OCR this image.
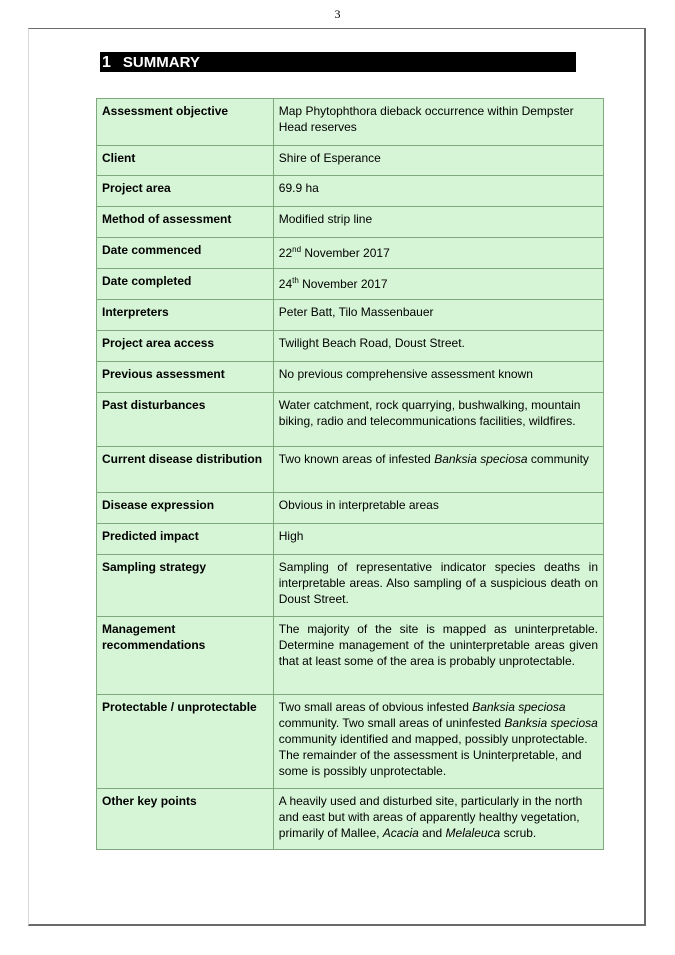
3
1 SUMMARY
Assessment objective	Map Phytophthora dieback occurrence within Dempster Head reserves
Client	Shire of Esperance
Project area	69.9 ha
Method of assessment	Modified strip line
Date commenced	22nd November 2017
Date completed	24th November 2017
Interpreters	Peter Batt, Tilo Massenbauer
Project area access	Twilight Beach Road, Doust Street.
Previous assessment	No previous comprehensive assessment known
Past disturbances	Water catchment, rock quarrying, bushwalking, mountain biking, radio and telecommunications facilities, wildfires.
Current disease distribution	Two known areas of infested Banksia speciosa community
Disease expression	Obvious in interpretable areas
Predicted impact	High
Sampling strategy	Sampling of representative indicator species deaths in interpretable areas. Also sampling of a suspicious death on Doust Street.
Management recommendations	The majority of the site is mapped as uninterpretable. Determine management of the uninterpretable areas given that at least some of the area is probably unprotectable.
Protectable / unprotectable	Two small areas of obvious infested Banksia speciosa community. Two small areas of uninfested Banksia speciosa community identified and mapped, possibly unprotectable. The remainder of the assessment is Uninterpretable, and some is possibly unprotectable.
Other key points	A heavily used and disturbed site, particularly in the north and east but with areas of apparently healthy vegetation, primarily of Mallee, Acacia and Melaleuca scrub.
